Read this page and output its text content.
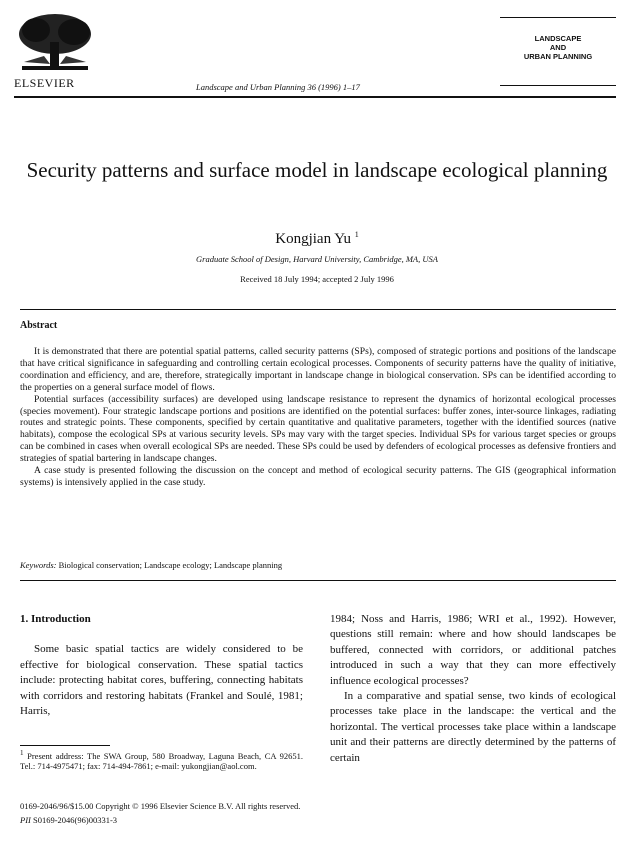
ELSEVIER	Landscape and Urban Planning 36 (1996) 1–17
LANDSCAPE
AND
URBAN PLANNING
Security patterns and surface model in landscape ecological planning
Kongjian Yu $^1$
Graduate School of Design, Harvard University, Cambridge, MA, USA
Received 18 July 1994; accepted 2 July 1996
Abstract

It is demonstrated that there are potential spatial patterns, called security patterns (SPs), composed of strategic portions and positions of the landscape that have critical significance in safeguarding and controlling certain ecological processes. Components of security patterns have the quality of initiative, coordination and efficiency, and are, therefore, strategically important in landscape change in biological conservation. SPs can be identified according to the properties on a general surface model of flows.

Potential surfaces (accessibility surfaces) are developed using landscape resistance to represent the dynamics of horizontal ecological processes (species movement). Four strategic landscape portions and positions are identified on the potential surfaces: buffer zones, inter-source linkages, radiating routes and strategic points. These components, specified by certain quantitative and qualitative parameters, together with the identified sources (native habitats), compose the ecological SPs at various security levels. SPs may vary with the target species. Individual SPs for various target species or groups can be combined in cases when overall ecological SPs are needed. These SPs could be used by defenders of ecological processes as defensive frontiers and strategies of spatial bartering in landscape changes.

A case study is presented following the discussion on the concept and method of ecological security patterns. The GIS (geographical information systems) is intensively applied in the case study.

Keywords: Biological conservation; Landscape ecology; Landscape planning
1. Introduction

Some basic spatial tactics are widely considered to be effective for biological conservation. These spatial tactics include: protecting habitat cores, buffering, connecting habitats with corridors and restoring habitats (Frankel and Soulé, 1981; Harris,

1984; Noss and Harris, 1986; WRI et al., 1992). However, questions still remain: where and how should landscapes be buffered, connected with corridors, or additional patches introduced in such a way that they can more effectively influence ecological processes?

In a comparative and spatial sense, two kinds of ecological processes take place in the landscape: the vertical and the horizontal. The vertical processes take place within a landscape unit and their patterns are directly determined by the patterns of certain

$^1$ Present address: The SWA Group, 580 Broadway, Laguna Beach, CA 92651. Tel.: 714-4975471; fax: 714-494-7861; e-mail: yukongjian@aol.com.
0169-2046/96/$15.00 Copyright © 1996 Elsevier Science B.V. All rights reserved.
PII S0169-2046(96)00331-3
